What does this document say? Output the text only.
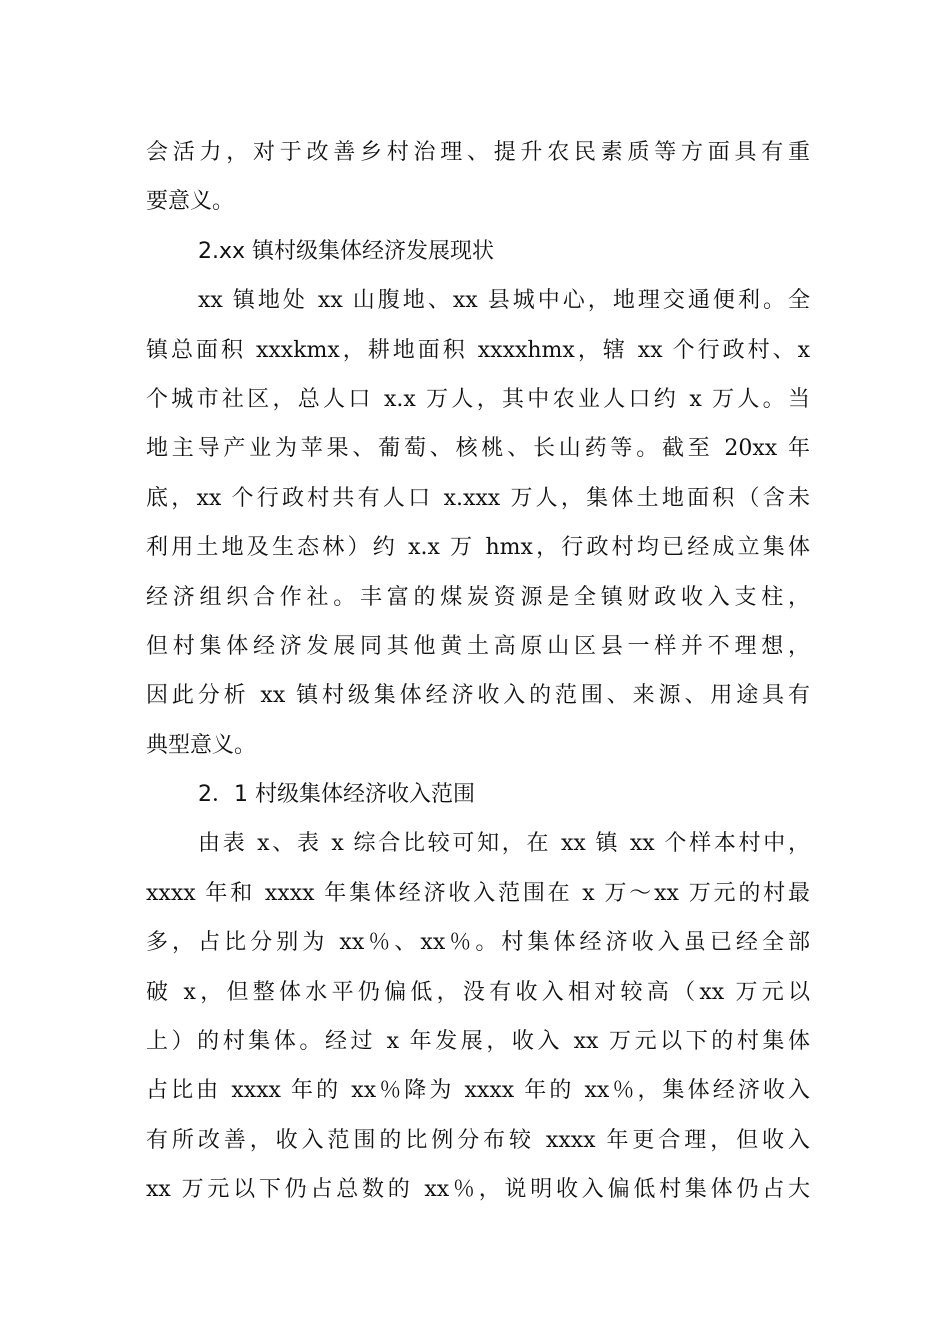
会活力，对于改善乡村治理、提升农民素质等方面具有重
要意义。
2.xx 镇村级集体经济发展现状
xx 镇地处 xx 山腹地、xx 县城中心，地理交通便利。全
镇总面积 xxxkmx，耕地面积 xxxxhmx，辖 xx 个行政村、x
个城市社区，总人口 x.x 万人，其中农业人口约 x 万人。当
地主导产业为苹果、葡萄、核桃、长山药等。截至 20xx 年
底，xx 个行政村共有人口 x.xxx 万人，集体土地面积（含未
利用土地及生态林）约 x.x 万 hmx，行政村均已经成立集体
经济组织合作社。丰富的煤炭资源是全镇财政收入支柱，
但村集体经济发展同其他黄土高原山区县一样并不理想，
因此分析 xx 镇村级集体经济收入的范围、来源、用途具有
典型意义。
2．1 村级集体经济收入范围
由表 x、表 x 综合比较可知，在 xx 镇 xx 个样本村中，
xxxx 年和 xxxx 年集体经济收入范围在 x 万～xx 万元的村最
多，占比分别为 xx％、xx％。村集体经济收入虽已经全部
破 x，但整体水平仍偏低，没有收入相对较高（xx 万元以
上）的村集体。经过 x 年发展，收入 xx 万元以下的村集体
占比由 xxxx 年的 xx％降为 xxxx 年的 xx％，集体经济收入
有所改善，收入范围的比例分布较 xxxx 年更合理，但收入
xx 万元以下仍占总数的 xx％，说明收入偏低村集体仍占大
